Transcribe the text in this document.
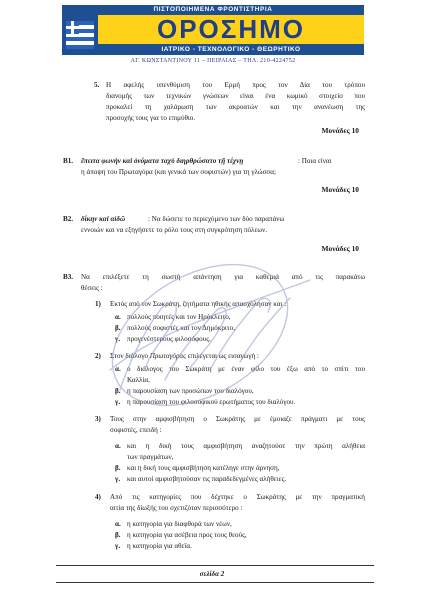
ΠΙΣΤΟΠΟΙΗΜΕΝΑ ΦΡΟΝΤΙΣΤΗΡΙΑ
ΟΡΟΣΗΜΟ
ΙΑΤΡΙΚΟ - ΤΕΧΝΟΛΟΓΙΚΟ - ΘΕΩΡΗΤΙΚΟ
ΑΓ. ΚΩΝΣΤΑΝΤΙΝΟΥ 11 – ΠΕΙΡΑΙΑΣ – ΤΗΛ. 210-4224752
5. Η αφελής υπενθύμιση του Ερμή προς τον Δία του τρόπου
διανομής των τεχνικών γνώσεων είναι ένα κωμικό στοιχείο που
προκαλεί τη χαλάρωση των ακροατών και την ανανέωση της
προσοχής τους για το επιμύθιο.
Μονάδες 10
Β1. ἔπειτα φωνὴν καὶ ὀνόματα ταχὺ διηρθρώσατο τῇ τέχνῃ	: Ποια είναι
η άποψη του Πρωταγόρα (και γενικά των σοφιστών) για τη γλώσσα;
Μονάδες 10
Β2. δίκην καὶ αἰδῶ	: Να δώσετε το περιεχόμενο των δύο παραπάνω
εννοιών και να εξηγήσετε το ρόλο τους στη συγκρότηση πόλεων.
Μονάδες 10
Β3. Να επιλέξετε τη σωστή απάντηση για καθεμιά από τις παρακάτω
θέσεις :
1) Εκτός από τον Σωκράτη, ζητήματα ηθικής απασχόλησαν και :
α. πολλούς ποιητές και τον Ηράκλειτο,
β. πολλούς σοφιστές και τον Δημόκριτο,
γ. προγενέστερους φιλοσόφους.
2) Στον διάλογο Πρωταγόρας επιλέγεται ως εισαγωγή :
α. ο διάλογος του Σωκράτη με έναν φίλο του έξω από το σπίτι του
Καλλία,
β. η παρουσίαση των προσώπων του διαλόγου,
γ. η παρουσίαση του φιλοσοφικού ερωτήματος του διαλόγου.
3) Τους στην αμφισβήτηση ο Σωκράτης με έμοιαζε πράγματι με τους
σοφιστές, επειδή :
α. και η δική τους αμφισβήτηση αναζητούσε την πρώτη αλήθεια
των πραγμάτων,
β. και η δική τους αμφισβήτηση κατέληγε στην άρνηση,
γ. και αυτοί αμφισβητούσαν τις παραδεδεγμένες αλήθειες.
4) Από τις κατηγορίες που δέχτηκε ο Σωκράτης με την πραγματική
αιτία της δίωξής του σχετιζόταν περισσότερο :
α. η κατηγορία για διαφθορά των νέων,
β. η κατηγορία για ασέβεια προς τους θεούς,
γ. η κατηγορία για αθεΐα.
σελίδα 2
